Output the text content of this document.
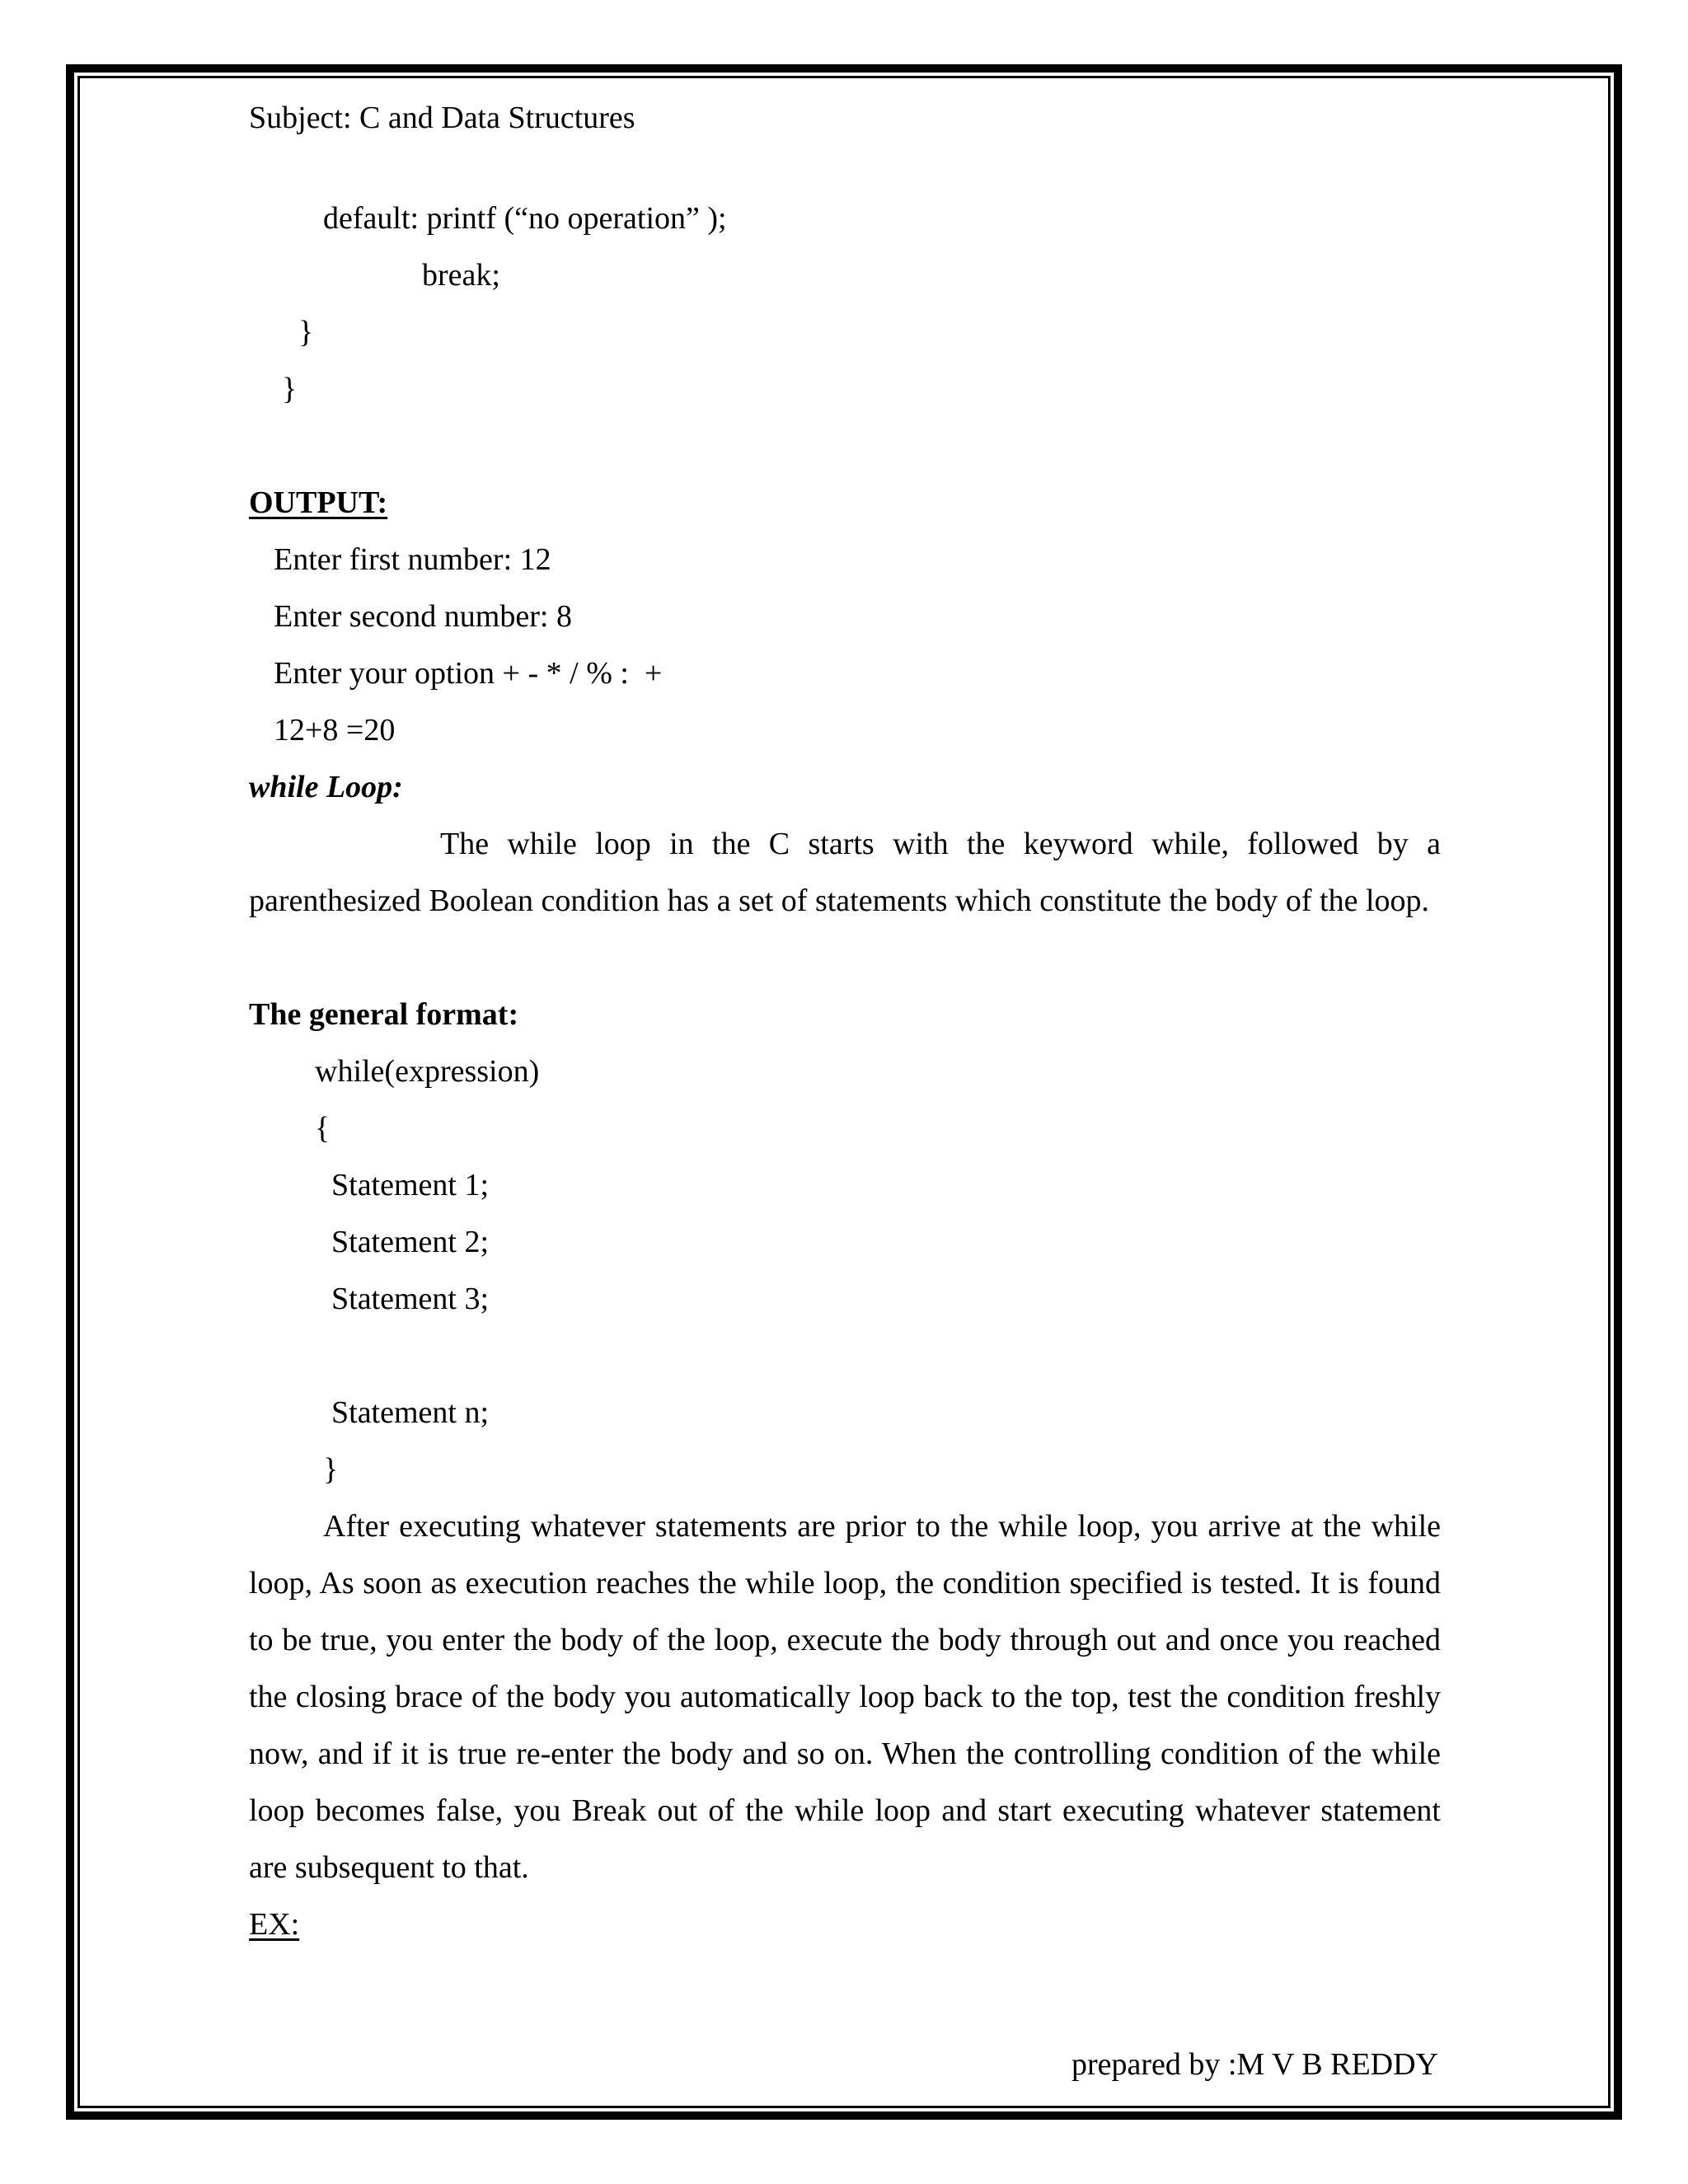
Subject: C and Data Structures
default: printf (“no operation” );
break;
}
}
OUTPUT:
Enter first number: 12
Enter second number: 8
Enter your option + - * / % :  +
12+8 =20
while Loop:
The while loop in the C starts with the keyword while, followed by a parenthesized Boolean condition has a set of statements which constitute the body of the loop.
The general format:
while(expression)
{
Statement 1;
Statement 2;
Statement 3;
Statement n;
}
After executing whatever statements are prior to the while loop, you arrive at the while loop, As soon as execution reaches the while loop, the condition specified is tested. It is found to be true, you enter the body of the loop, execute the body through out and once you reached the closing brace of the body you automatically loop back to the top, test the condition freshly now, and if it is true re-enter the body and so on. When the controlling condition of the while loop becomes false, you Break out of the while loop and start executing whatever statement are subsequent to that.
EX:
prepared by :M V B REDDY
